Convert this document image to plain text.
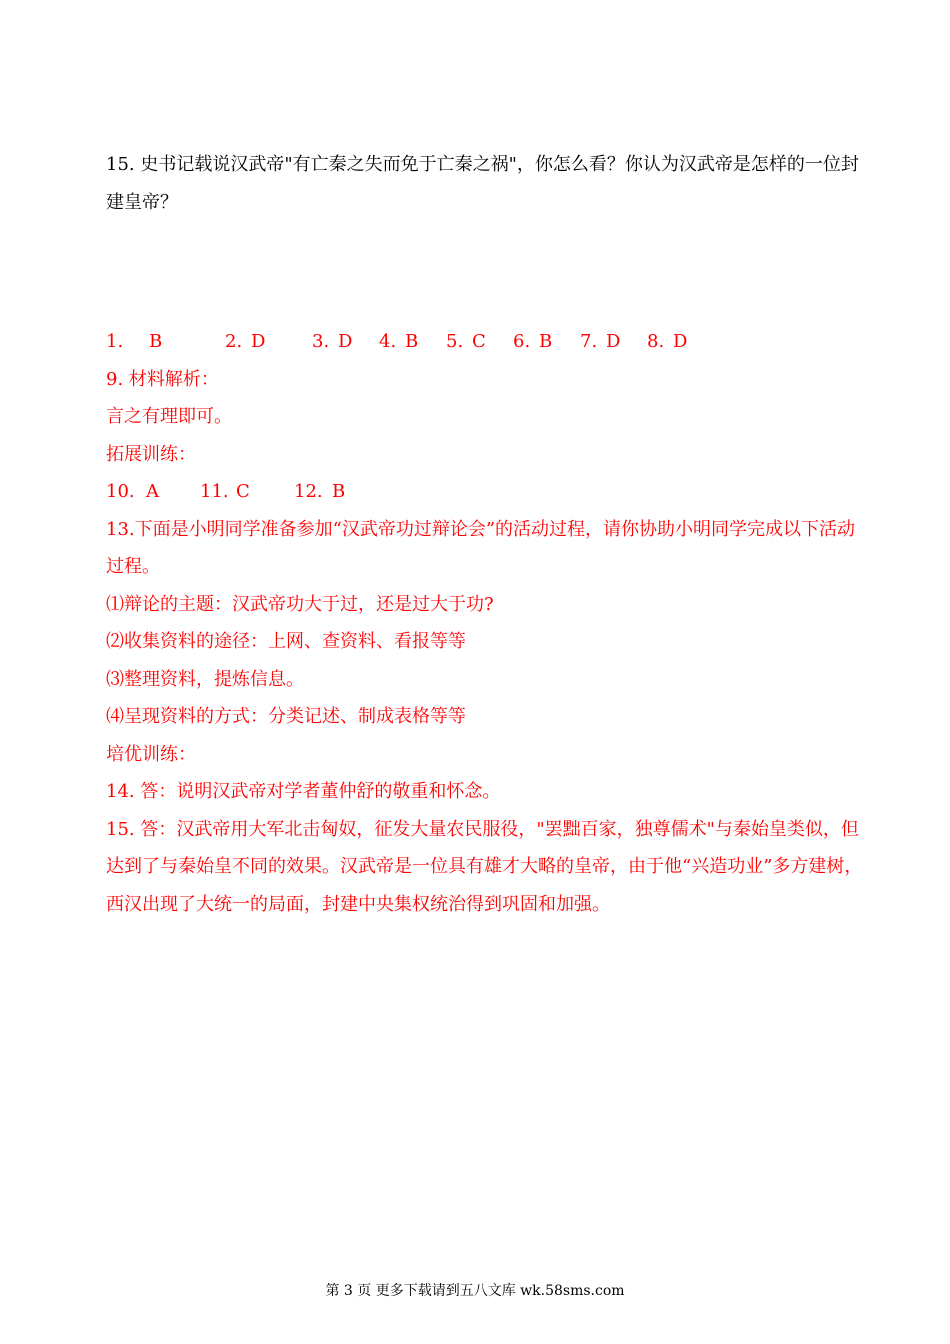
15. 史书记载说汉武帝"有亡秦之失而免于亡秦之祸"，你怎么看？你认为汉武帝是怎样的一位封建皇帝？
1. B	2. D	3. D 4. B 5. C 6. B 7. D 8. D
9. 材料解析：
言之有理即可。
拓展训练：
10. A 11. C 12. B
13.下面是小明同学准备参加“汉武帝功过辩论会”的活动过程，请你协助小明同学完成以下活动过程。
⑴辩论的主题：汉武帝功大于过，还是过大于功?
⑵收集资料的途径：上网、查资料、看报等等
⑶整理资料，提炼信息。
⑷呈现资料的方式：分类记述、制成表格等等
培优训练：
14. 答：说明汉武帝对学者董仲舒的敬重和怀念。
15. 答：汉武帝用大军北击匈奴，征发大量农民服役，"罢黜百家，独尊儒术"与秦始皇类似，但达到了与秦始皇不同的效果。汉武帝是一位具有雄才大略的皇帝，由于他“兴造功业”多方建树，西汉出现了大统一的局面，封建中央集权统治得到巩固和加强。
第 3 页 更多下载请到五八文库 wk.58sms.com
